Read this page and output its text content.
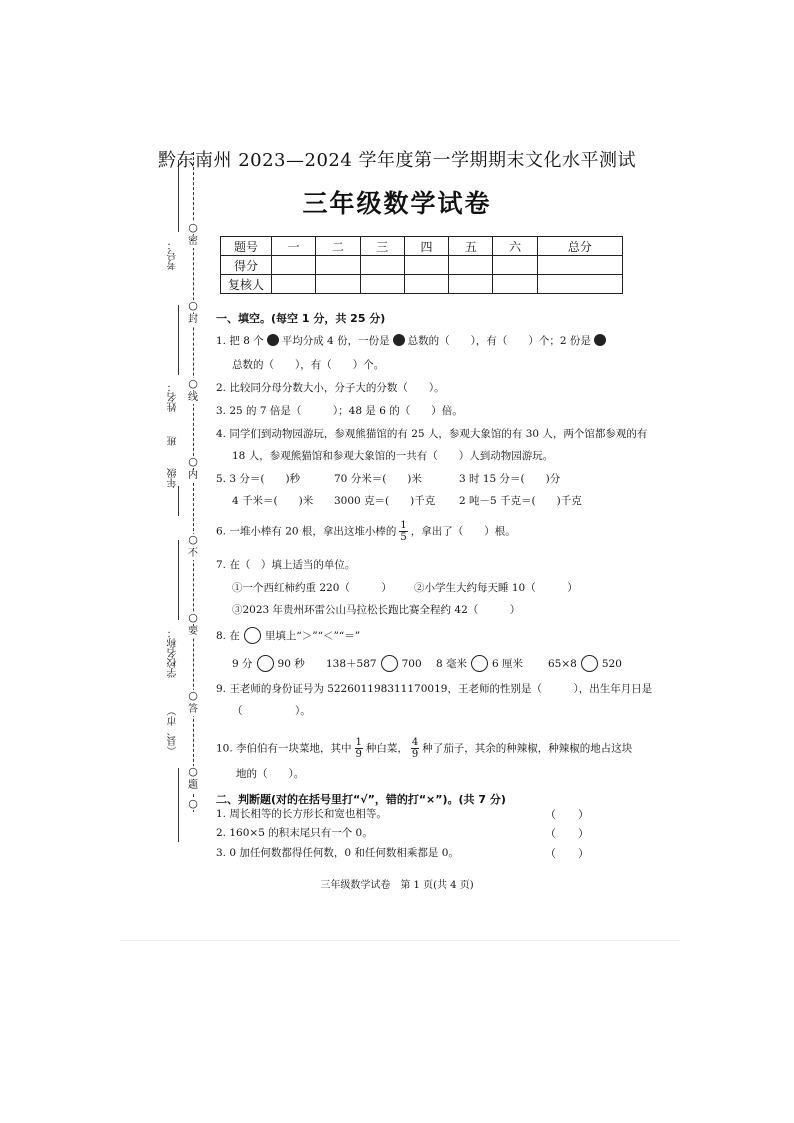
○
密
○
封
○
线
○
内
○
不
○
要
○
答
○
题
○
考号：
姓名：
年级
班
学校名称：
（县、市）
黔东南州 2023—2024 学年度第一学期期末文化水平测试
三年级数学试卷
题号	一	二	三	四	五	六	总分
得分							
复核人							
一、填空。(每空 1 分，共 25 分)
1. 把 8 个 平均分成 4 份，一份是 总数的（　　），有（　　）个；2 份是
总数的（　　），有（　　）个。
2. 比较同分母分数大小，分子大的分数（　　）。
3. 25 的 7 倍是（　　　）；48 是 6 的（　　）倍。
4. 同学们到动物园游玩，参观熊猫馆的有 25 人，参观大象馆的有 30 人，两个馆都参观的有
18 人，参观熊猫馆和参观大象馆的一共有（　　）人到动物园游玩。
5. 3 分＝(　　)秒	70 分米＝(　　)米	3 时 15 分＝(　　)分
4 千米＝(　　)米 3000 克＝(　　)千克 2 吨－5 千克＝(　　)千克
6. 一堆小棒有 20 根，拿出这堆小棒的 $\frac{1}{5}$ ，拿出了（　　）根。
7. 在（　）填上适当的单位。
①一个西红柿约重 220（　　　） ②小学生大约每天睡 10（　　　）
③2023 年贵州环雷公山马拉松长跑比赛全程约 42（　　　）
8. 在 里填上“＞”“＜”“＝”
9 分 90 秒 138＋587 700 8 毫米 6 厘米 65×8 520
9. 王老师的身份证号为 522601198311170019，王老师的性别是（　　　），出生年月日是
（　　　　　）。
10. 李伯伯有一块菜地，其中 $\frac{1}{9}$ 种白菜， $\frac{4}{9}$ 种了茄子，其余的种辣椒，种辣椒的地占这块
地的（　　）。
二、判断题(对的在括号里打“√”，错的打“×”)。(共 7 分)
1. 周长相等的长方形长和宽也相等。	（　　）
2. 160×5 的积末尾只有一个 0。	（　　）
3. 0 加任何数都得任何数，0 和任何数相乘都是 0。	（　　）
三年级数学试卷　第 1 页(共 4 页)
